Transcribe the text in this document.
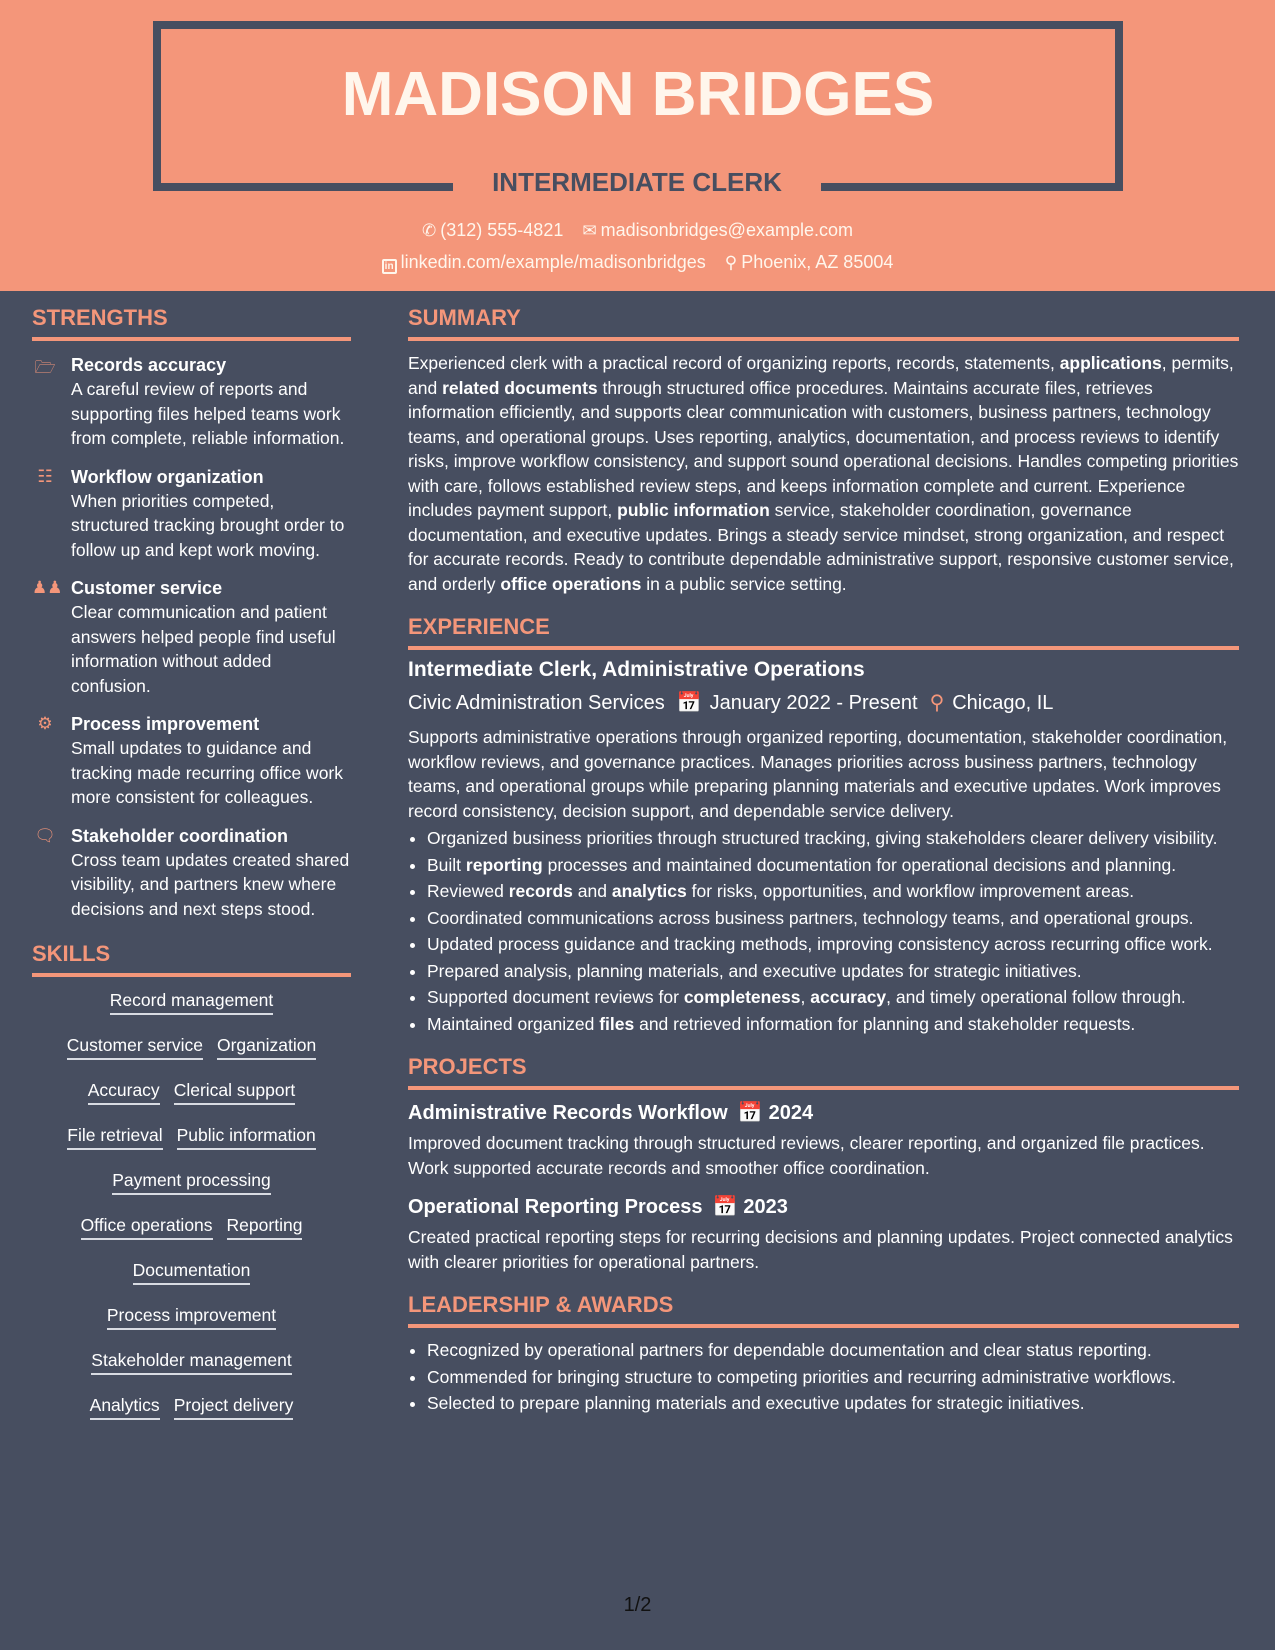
MADISON BRIDGES
INTERMEDIATE CLERK
✆ (312) 555-4821 ✉ madisonbridges@example.com
in linkedin.com/example/madisonbridges ⚲ Phoenix, AZ 85004
STRENGTHS
🗁 Records accuracy
A careful review of reports and supporting files helped teams work from complete, reliable information.
☷ Workflow organization
When priorities competed, structured tracking brought order to follow up and kept work moving.
♟♟ Customer service
Clear communication and patient answers helped people find useful information without added confusion.
⚙ Process improvement
Small updates to guidance and tracking made recurring office work more consistent for colleagues.
🗨 Stakeholder coordination
Cross team updates created shared visibility, and partners knew where decisions and next steps stood.
SKILLS
Record management
Customer service Organization
Accuracy Clerical support
File retrieval Public information
Payment processing
Office operations Reporting
Documentation
Process improvement
Stakeholder management
Analytics Project delivery
SUMMARY

Experienced clerk with a practical record of organizing reports, records, statements, applications, permits, and related documents through structured office procedures. Maintains accurate files, retrieves information efficiently, and supports clear communication with customers, business partners, technology teams, and operational groups. Uses reporting, analytics, documentation, and process reviews to identify risks, improve workflow consistency, and support sound operational decisions. Handles competing priorities with care, follows established review steps, and keeps information complete and current. Experience includes payment support, public information service, stakeholder coordination, governance documentation, and executive updates. Brings a steady service mindset, strong organization, and respect for accurate records. Ready to contribute dependable administrative support, responsive customer service, and orderly office operations in a public service setting.

EXPERIENCE
Intermediate Clerk, Administrative Operations
Civic Administration Services 📅 January 2022 - Present ⚲ Chicago, IL

Supports administrative operations through organized reporting, documentation, stakeholder coordination, workflow reviews, and governance practices. Manages priorities across business partners, technology teams, and operational groups while preparing planning materials and executive updates. Work improves record consistency, decision support, and dependable service delivery.

• Organized business priorities through structured tracking, giving stakeholders clearer delivery visibility.
• Built reporting processes and maintained documentation for operational decisions and planning.
• Reviewed records and analytics for risks, opportunities, and workflow improvement areas.
• Coordinated communications across business partners, technology teams, and operational groups.
• Updated process guidance and tracking methods, improving consistency across recurring office work.
• Prepared analysis, planning materials, and executive updates for strategic initiatives.
• Supported document reviews for completeness, accuracy, and timely operational follow through.
• Maintained organized files and retrieved information for planning and stakeholder requests.
PROJECTS
Administrative Records Workflow 📅 2024

Improved document tracking through structured reviews, clearer reporting, and organized file practices. Work supported accurate records and smoother office coordination.

Operational Reporting Process 📅 2023

Created practical reporting steps for recurring decisions and planning updates. Project connected analytics with clearer priorities for operational partners.

LEADERSHIP & AWARDS
• Recognized by operational partners for dependable documentation and clear status reporting.
• Commended for bringing structure to competing priorities and recurring administrative workflows.
• Selected to prepare planning materials and executive updates for strategic initiatives.
1/2
